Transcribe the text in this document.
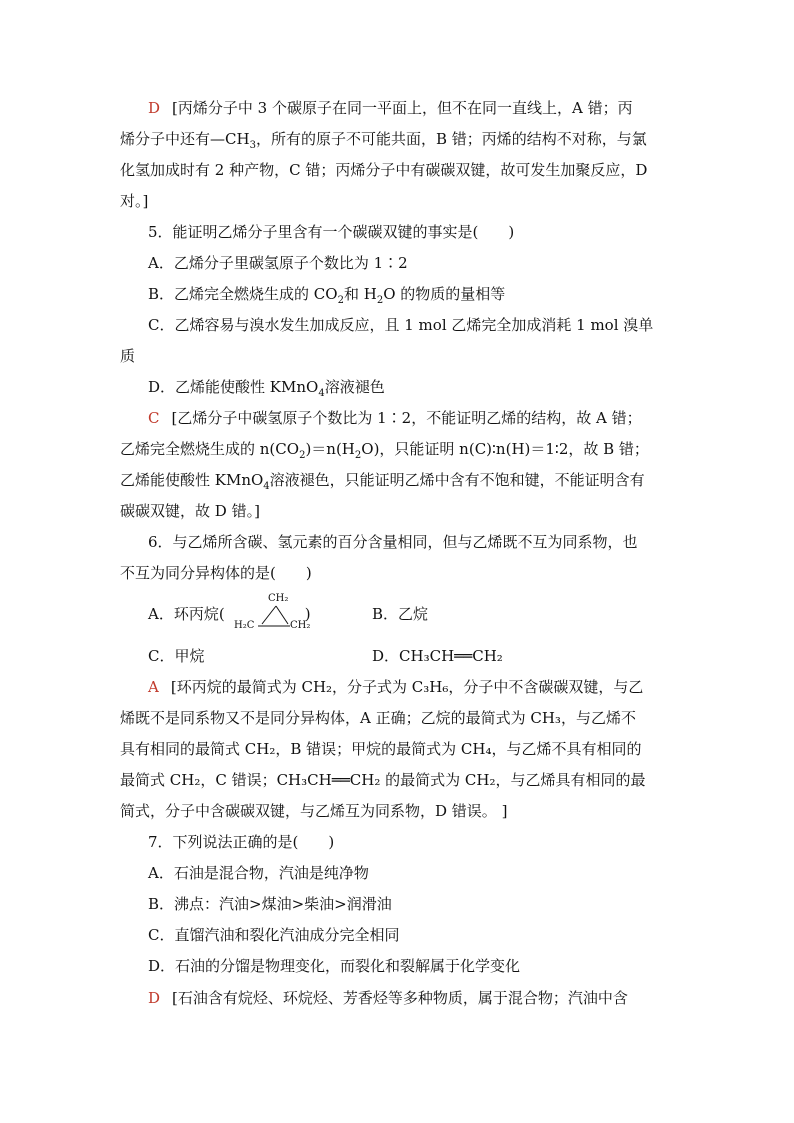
D [丙烯分子中 3 个碳原子在同一平面上，但不在同一直线上，A 错；丙
烯分子中还有$—CH_3$，所有的原子不可能共面，B 错；丙烯的结构不对称，与氯
化氢加成时有 2 种产物，C 错；丙烯分子中有碳碳双键，故可发生加聚反应，D
对。]
5．能证明乙烯分子里含有一个碳碳双键的事实是(　　)
A．乙烯分子里碳氢原子个数比为 1∶2
B．乙烯完全燃烧生成的 $CO_2$和 $H_2O$ 的物质的量相等
C．乙烯容易与溴水发生加成反应，且 1 mol 乙烯完全加成消耗 1 mol 溴单
质
D．乙烯能使酸性 KMnO$_4$溶液褪色
C [乙烯分子中碳氢原子个数比为 1∶2，不能证明乙烯的结构，故 A 错；
乙烯完全燃烧生成的 $n(CO_2)=n(H_2O)$，只能证明 n(C)∶n(H)＝1∶2，故 B 错；
乙烯能使酸性 KMnO$_4$溶液褪色，只能证明乙烯中含有不饱和键，不能证明含有
碳碳双键，故 D 错。]
6．与乙烯所含碳、氢元素的百分含量相同，但与乙烯既不互为同系物，也
不互为同分异构体的是(　　)
A．环丙烷(	)
CH₂
H₂C	CH₂
B．乙烷
C．甲烷	D．CH₃CH══CH₂
A [环丙烷的最简式为 CH₂，分子式为 C₃H₆，分子中不含碳碳双键，与乙
烯既不是同系物又不是同分异构体，A 正确；乙烷的最简式为 CH₃，与乙烯不
具有相同的最简式 CH₂，B 错误；甲烷的最简式为 CH₄，与乙烯不具有相同的
最简式 CH₂，C 错误；CH₃CH══CH₂ 的最简式为 CH₂，与乙烯具有相同的最
简式，分子中含碳碳双键，与乙烯互为同系物，D 错误。 ]
7．下列说法正确的是(　　)
A．石油是混合物，汽油是纯净物
B．沸点：汽油>煤油>柴油>润滑油
C．直馏汽油和裂化汽油成分完全相同
D．石油的分馏是物理变化，而裂化和裂解属于化学变化
D [石油含有烷烃、环烷烃、芳香烃等多种物质，属于混合物；汽油中含
